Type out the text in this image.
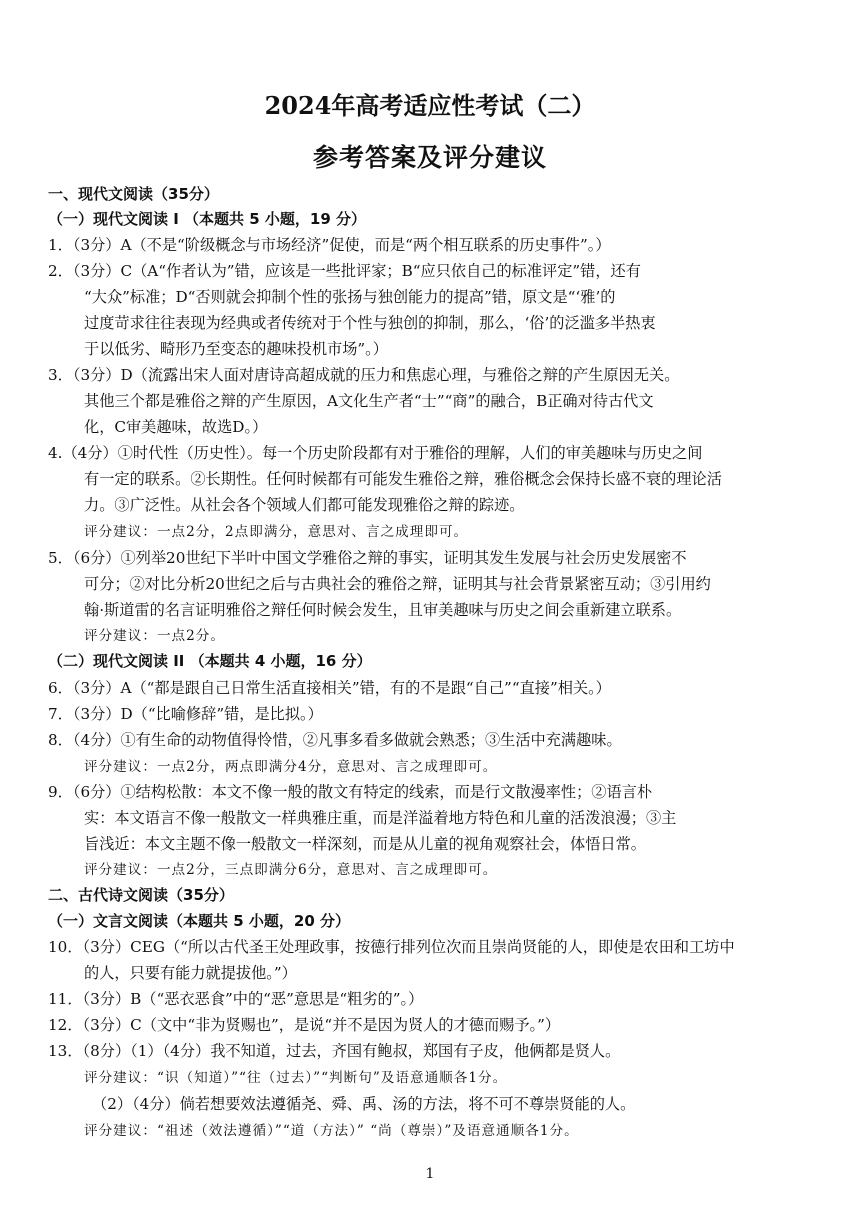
2024年高考适应性考试（二）
参考答案及评分建议
一、现代文阅读（35分）
（一）现代文阅读 I （本题共 5 小题，19 分）
1．（3分）A（不是“阶级概念与市场经济”促使，而是“两个相互联系的历史事件”。）
2．（3分）C（A“作者认为”错，应该是一些批评家；B“应只依自己的标准评定”错，还有
“大众”标准；D“否则就会抑制个性的张扬与独创能力的提高”错，原文是“‘雅’的
过度苛求往往表现为经典或者传统对于个性与独创的抑制，那么，‘俗’的泛滥多半热衷
于以低劣、畸形乃至变态的趣味投机市场”。）
3．（3分）D（流露出宋人面对唐诗高超成就的压力和焦虑心理，与雅俗之辩的产生原因无关。
其他三个都是雅俗之辩的产生原因，A文化生产者“士”“商”的融合，B正确对待古代文
化，C审美趣味，故选D。）
4.（4分）①时代性（历史性）。每一个历史阶段都有对于雅俗的理解，人们的审美趣味与历史之间
有一定的联系。②长期性。任何时候都有可能发生雅俗之辩，雅俗概念会保持长盛不衰的理论活
力。③广泛性。从社会各个领域人们都可能发现雅俗之辩的踪迹。
评分建议：一点2分，2点即满分，意思对、言之成理即可。
5．（6分）①列举20世纪下半叶中国文学雅俗之辩的事实，证明其发生发展与社会历史发展密不
可分；②对比分析20世纪之后与古典社会的雅俗之辩，证明其与社会背景紧密互动；③引用约
翰·斯道雷的名言证明雅俗之辩任何时候会发生，且审美趣味与历史之间会重新建立联系。
评分建议：一点2分。
（二）现代文阅读 II （本题共 4 小题，16 分）
6．（3分）A（“都是跟自己日常生活直接相关”错，有的不是跟“自己”“直接”相关。）
7．（3分）D（“比喻修辞”错，是比拟。）
8．（4分）①有生命的动物值得怜惜，②凡事多看多做就会熟悉；③生活中充满趣味。
评分建议：一点2分，两点即满分4分，意思对、言之成理即可。
9．（6分）①结构松散：本文不像一般的散文有特定的线索，而是行文散漫率性；②语言朴
实：本文语言不像一般散文一样典雅庄重，而是洋溢着地方特色和儿童的活泼浪漫；③主
旨浅近：本文主题不像一般散文一样深刻，而是从儿童的视角观察社会，体悟日常。
评分建议：一点2分，三点即满分6分，意思对、言之成理即可。
二、古代诗文阅读（35分）
（一）文言文阅读（本题共 5 小题，20 分）
10．（3分）CEG（“所以古代圣王处理政事，按德行排列位次而且崇尚贤能的人，即使是农田和工坊中
的人，只要有能力就提拔他。”）
11．（3分）B（“恶衣恶食”中的“恶”意思是“粗劣的”。）
12．（3分）C（文中“非为贤赐也”，是说“并不是因为贤人的才德而赐予。”）
13．（8分）（1）（4分）我不知道，过去，齐国有鲍叔，郑国有子皮，他俩都是贤人。
评分建议：“识（知道）”“往（过去）”“判断句”及语意通顺各1分。
（2）（4分）倘若想要效法遵循尧、舜、禹、汤的方法，将不可不尊崇贤能的人。
评分建议：“祖述（效法遵循）”“道（方法）” “尚（尊崇）”及语意通顺各1分。
1
